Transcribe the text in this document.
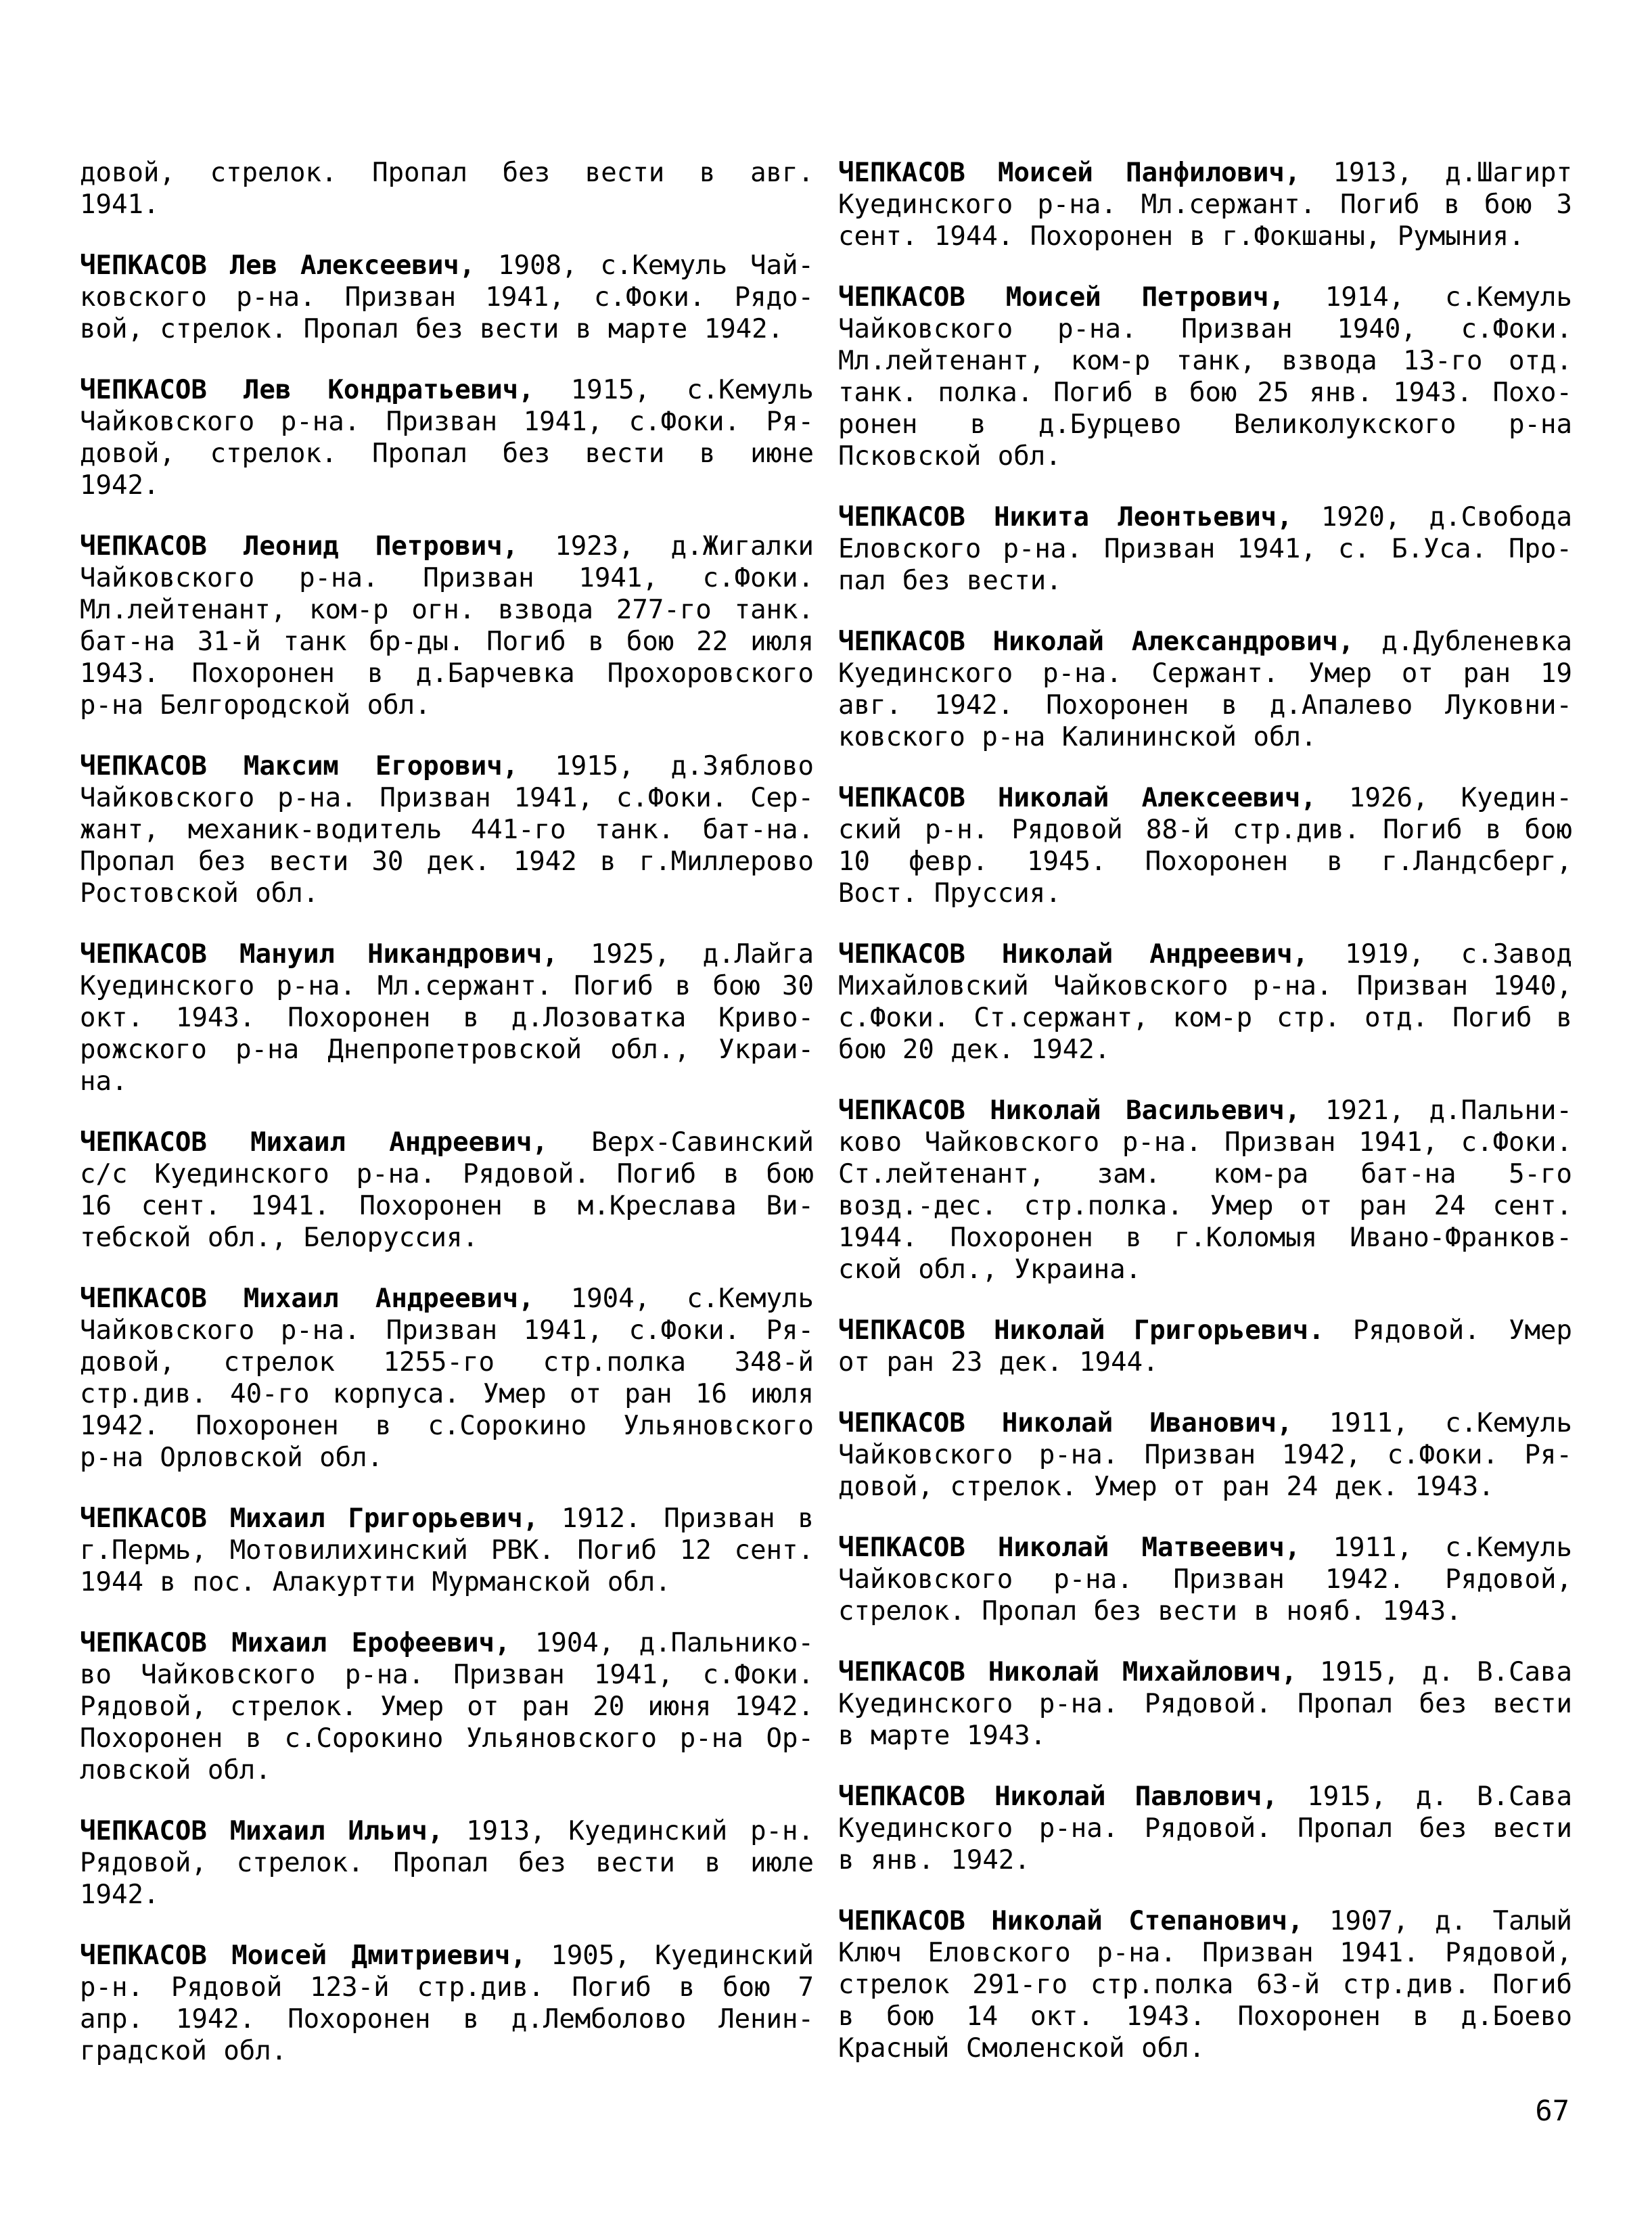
довой, стрелок. Пропал без вести в авг.
1941.
ЧЕПКАСОВ Лев Алексеевич, 1908, с.Кемуль Чай-
ковского р-на. Призван 1941, с.Фоки. Рядо-
вой, стрелок. Пропал без вести в марте 1942.
ЧЕПКАСОВ Лев Кондратьевич, 1915, с.Кемуль
Чайковского р-на. Призван 1941, с.Фоки. Ря-
довой, стрелок. Пропал без вести в июне
1942.
ЧЕПКАСОВ Леонид Петрович, 1923, д.Жигалки
Чайковского р-на. Призван 1941, с.Фоки.
Мл.лейтенант, ком-р огн. взвода 277-го танк.
бат-на 31-й танк бр-ды. Погиб в бою 22 июля
1943. Похоронен в д.Барчевка Прохоровского
р-на Белгородской обл.
ЧЕПКАСОВ Максим Егорович, 1915, д.Зяблово
Чайковского р-на. Призван 1941, с.Фоки. Сер-
жант, механик-водитель 441-го танк. бат-на.
Пропал без вести 30 дек. 1942 в г.Миллерово
Ростовской обл.
ЧЕПКАСОВ Мануил Никандрович, 1925, д.Лайга
Куединского р-на. Мл.сержант. Погиб в бою 30
окт. 1943. Похоронен в д.Лозоватка Криво-
рожского р-на Днепропетровской обл., Украи-
на.
ЧЕПКАСОВ Михаил Андреевич, Верх-Савинский
с/с Куединского р-на. Рядовой. Погиб в бою
16 сент. 1941. Похоронен в м.Креслава Ви-
тебской обл., Белоруссия.
ЧЕПКАСОВ Михаил Андреевич, 1904, с.Кемуль
Чайковского р-на. Призван 1941, с.Фоки. Ря-
довой, стрелок 1255-го стр.полка 348-й
стр.див. 40-го корпуса. Умер от ран 16 июля
1942. Похоронен в с.Сорокино Ульяновского
р-на Орловской обл.
ЧЕПКАСОВ Михаил Григорьевич, 1912. Призван в
г.Пермь, Мотовилихинский РВК. Погиб 12 сент.
1944 в пос. Алакуртти Мурманской обл.
ЧЕПКАСОВ Михаил Ерофеевич, 1904, д.Пальнико-
во Чайковского р-на. Призван 1941, с.Фоки.
Рядовой, стрелок. Умер от ран 20 июня 1942.
Похоронен в с.Сорокино Ульяновского р-на Ор-
ловской обл.
ЧЕПКАСОВ Михаил Ильич, 1913, Куединский р-н.
Рядовой, стрелок. Пропал без вести в июле
1942.
ЧЕПКАСОВ Моисей Дмитриевич, 1905, Куединский
р-н. Рядовой 123-й стр.див. Погиб в бою 7
апр. 1942. Похоронен в д.Лемболово Ленин-
градской обл.
ЧЕПКАСОВ Моисей Панфилович, 1913, д.Шагирт
Куединского р-на. Мл.сержант. Погиб в бою 3
сент. 1944. Похоронен в г.Фокшаны, Румыния.
ЧЕПКАСОВ Моисей Петрович, 1914, с.Кемуль
Чайковского р-на. Призван 1940, с.Фоки.
Мл.лейтенант, ком-р танк, взвода 13-го отд.
танк. полка. Погиб в бою 25 янв. 1943. Похо-
ронен в д.Бурцево Великолукского р-на
Псковской обл.
ЧЕПКАСОВ Никита Леонтьевич, 1920, д.Свобода
Еловского р-на. Призван 1941, с. Б.Уса. Про-
пал без вести.
ЧЕПКАСОВ Николай Александрович, д.Дубленевка
Куединского р-на. Сержант. Умер от ран 19
авг. 1942. Похоронен в д.Апалево Луковни-
ковского р-на Калининской обл.
ЧЕПКАСОВ Николай Алексеевич, 1926, Куедин-
ский р-н. Рядовой 88-й стр.див. Погиб в бою
10 февр. 1945. Похоронен в г.Ландсберг,
Вост. Пруссия.
ЧЕПКАСОВ Николай Андреевич, 1919, с.Завод
Михайловский Чайковского р-на. Призван 1940,
с.Фоки. Ст.сержант, ком-р стр. отд. Погиб в
бою 20 дек. 1942.
ЧЕПКАСОВ Николай Васильевич, 1921, д.Пальни-
ково Чайковского р-на. Призван 1941, с.Фоки.
Ст.лейтенант, зам. ком-ра бат-на 5-го
возд.-дес. стр.полка. Умер от ран 24 сент.
1944. Похоронен в г.Коломыя Ивано-Франков-
ской обл., Украина.
ЧЕПКАСОВ Николай Григорьевич. Рядовой. Умер
от ран 23 дек. 1944.
ЧЕПКАСОВ Николай Иванович, 1911, с.Кемуль
Чайковского р-на. Призван 1942, с.Фоки. Ря-
довой, стрелок. Умер от ран 24 дек. 1943.
ЧЕПКАСОВ Николай Матвеевич, 1911, с.Кемуль
Чайковского р-на. Призван 1942. Рядовой,
стрелок. Пропал без вести в нояб. 1943.
ЧЕПКАСОВ Николай Михайлович, 1915, д. В.Сава
Куединского р-на. Рядовой. Пропал без вести
в марте 1943.
ЧЕПКАСОВ Николай Павлович, 1915, д. В.Сава
Куединского р-на. Рядовой. Пропал без вести
в янв. 1942.
ЧЕПКАСОВ Николай Степанович, 1907, д. Талый
Ключ Еловского р-на. Призван 1941. Рядовой,
стрелок 291-го стр.полка 63-й стр.див. Погиб
в бою 14 окт. 1943. Похоронен в д.Боево
Красный Смоленской обл.
67
